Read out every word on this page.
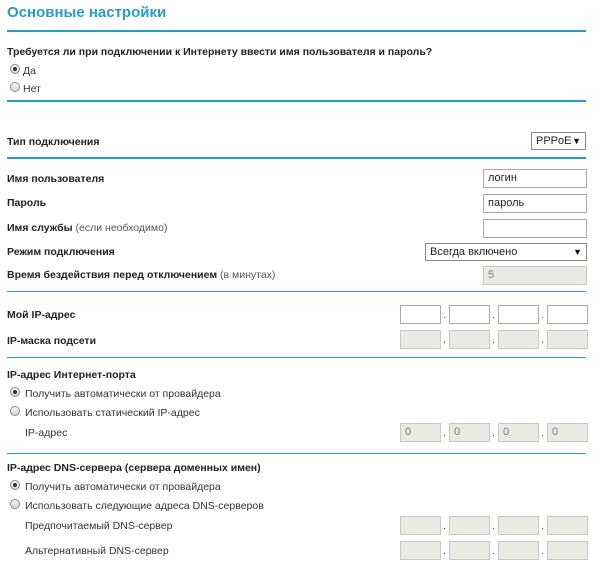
Основные настройки
Требуется ли при подключении к Интернету ввести имя пользователя и пароль?
Да
Нет
Тип подключения	PPPoE ▼
Имя пользователя	логин
Пароль	пароль
Имя службы (если необходимо)
Режим подключения	Всегда включено	▼
Время бездействия перед отключением (в минутах)	5
Мой IP-адрес	.	.	.
IP-маска подсети	.	.	.
IP-адрес Интернет-порта
Получить автоматически от провайдера
Использовать статический IP-адрес
IP-адрес	0	. 0	. 0	. 0
IP-адрес DNS-сервера (сервера доменных имен)
Получить автоматически от провайдера
Использовать следующие адреса DNS-серверов
Предпочитаемый DNS-сервер	.	.	.
Альтернативный DNS-сервер	.	.	.
